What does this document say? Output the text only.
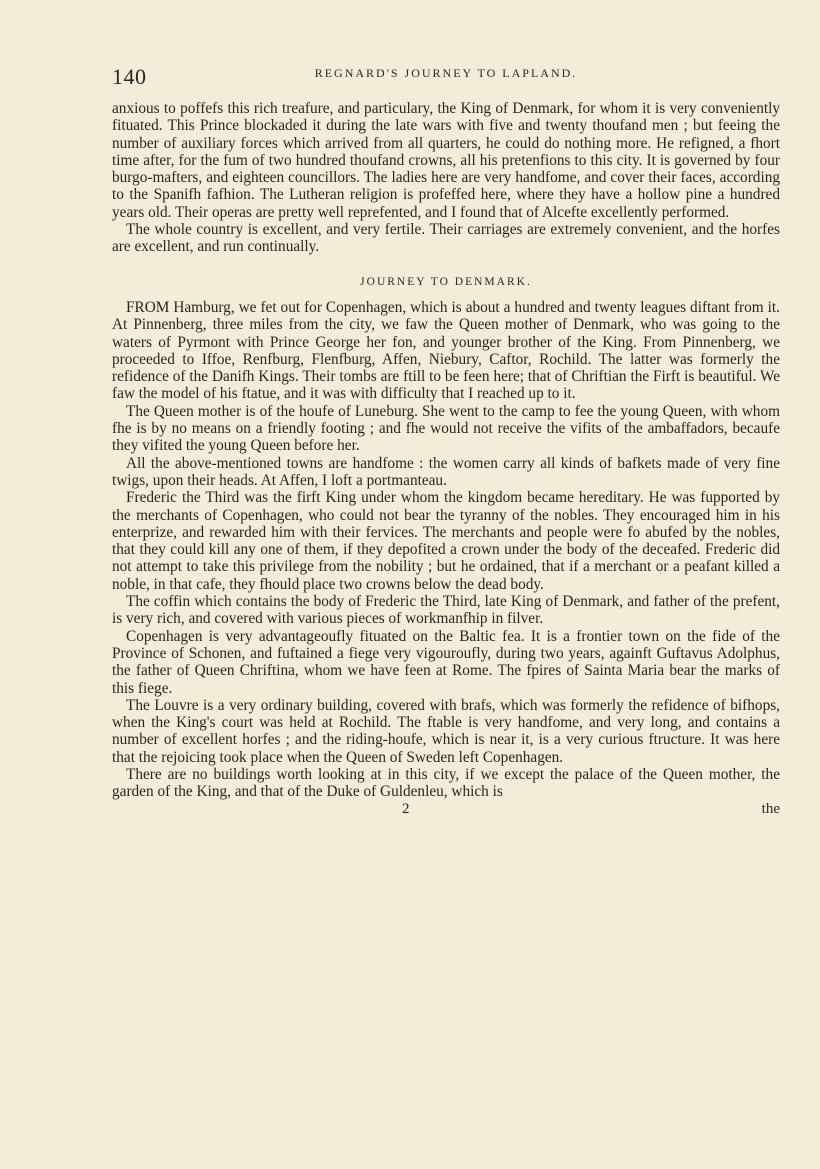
140	REGNARD'S JOURNEY TO LAPLAND.

anxious to poffefs this rich treafure, and particulary, the King of Denmark, for whom it is very conveniently fituated. This Prince blockaded it during the late wars with five and twenty thoufand men ; but feeing the number of auxiliary forces which arrived from all quarters, he could do nothing more. He refigned, a fhort time after, for the fum of two hundred thoufand crowns, all his pretenfions to this city. It is governed by four burgo-mafters, and eighteen councillors. The ladies here are very handfome, and cover their faces, according to the Spanifh fafhion. The Lutheran religion is profeffed here, where they have a hollow pine a hundred years old. Their operas are pretty well reprefented, and I found that of Alcefte excellently performed.

The whole country is excellent, and very fertile. Their carriages are extremely convenient, and the horfes are excellent, and run continually.

JOURNEY TO DENMARK.

FROM Hamburg, we fet out for Copenhagen, which is about a hundred and twenty leagues diftant from it. At Pinnenberg, three miles from the city, we faw the Queen mother of Denmark, who was going to the waters of Pyrmont with Prince George her fon, and younger brother of the King. From Pinnenberg, we proceeded to Iffoe, Renfburg, Flenfburg, Affen, Niebury, Caftor, Rochild. The latter was formerly the refidence of the Danifh Kings. Their tombs are ftill to be feen here; that of Chriftian the Firft is beautiful. We faw the model of his ftatue, and it was with difficulty that I reached up to it.

The Queen mother is of the houfe of Luneburg. She went to the camp to fee the young Queen, with whom fhe is by no means on a friendly footing ; and fhe would not receive the vifits of the ambaffadors, becaufe they vifited the young Queen before her.

All the above-mentioned towns are handfome : the women carry all kinds of bafkets made of very fine twigs, upon their heads. At Affen, I loft a portmanteau.

Frederic the Third was the firft King under whom the kingdom became hereditary. He was fupported by the merchants of Copenhagen, who could not bear the tyranny of the nobles. They encouraged him in his enterprize, and rewarded him with their fervices. The merchants and people were fo abufed by the nobles, that they could kill any one of them, if they depofited a crown under the body of the deceafed. Frederic did not attempt to take this privilege from the nobility ; but he ordained, that if a merchant or a peafant killed a noble, in that cafe, they fhould place two crowns below the dead body.

The coffin which contains the body of Frederic the Third, late King of Denmark, and father of the prefent, is very rich, and covered with various pieces of workmanfhip in filver.

Copenhagen is very advantageoufly fituated on the Baltic fea. It is a frontier town on the fide of the Province of Schonen, and fuftained a fiege very vigouroufly, during two years, againft Guftavus Adolphus, the father of Queen Chriftina, whom we have feen at Rome. The fpires of Sainta Maria bear the marks of this fiege.

The Louvre is a very ordinary building, covered with brafs, which was formerly the refidence of bifhops, when the King's court was held at Rochild. The ftable is very handfome, and very long, and contains a number of excellent horfes ; and the riding-houfe, which is near it, is a very curious ftructure. It was here that the rejoicing took place when the Queen of Sweden left Copenhagen.

There are no buildings worth looking at in this city, if we except the palace of the Queen mother, the garden of the King, and that of the Duke of Guldenleu, which is

2	the
